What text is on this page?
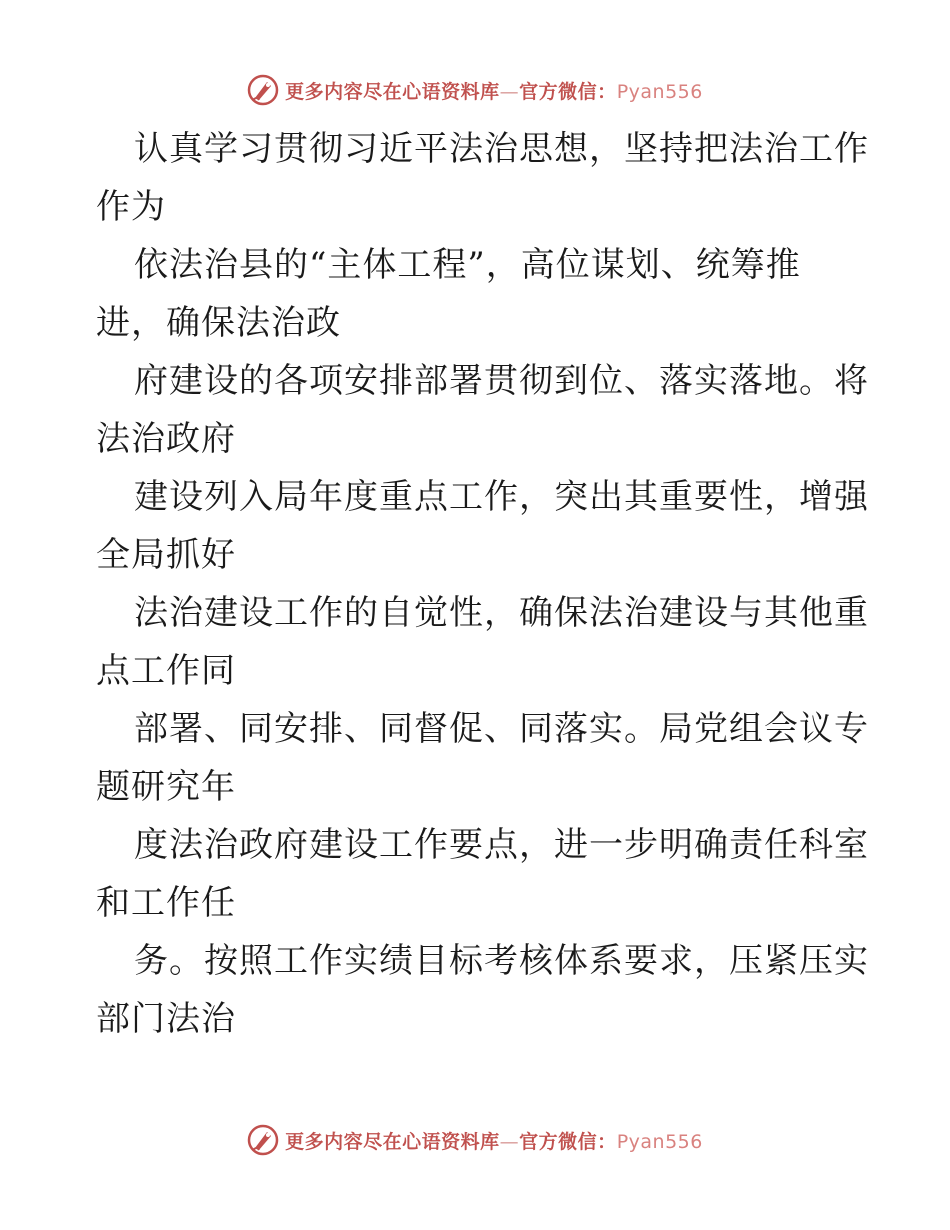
更多内容尽在心语资料库—官方微信：Pyan556
认真学习贯彻习近平法治思想，坚持把法治工作
作为
依法治县的“主体工程”，高位谋划、统筹推
进，确保法治政
府建设的各项安排部署贯彻到位、落实落地。将
法治政府
建设列入局年度重点工作，突出其重要性，增强
全局抓好
法治建设工作的自觉性，确保法治建设与其他重
点工作同
部署、同安排、同督促、同落实。局党组会议专
题研究年
度法治政府建设工作要点，进一步明确责任科室
和工作任
务。按照工作实绩目标考核体系要求，压紧压实
部门法治
更多内容尽在心语资料库—官方微信：Pyan556
